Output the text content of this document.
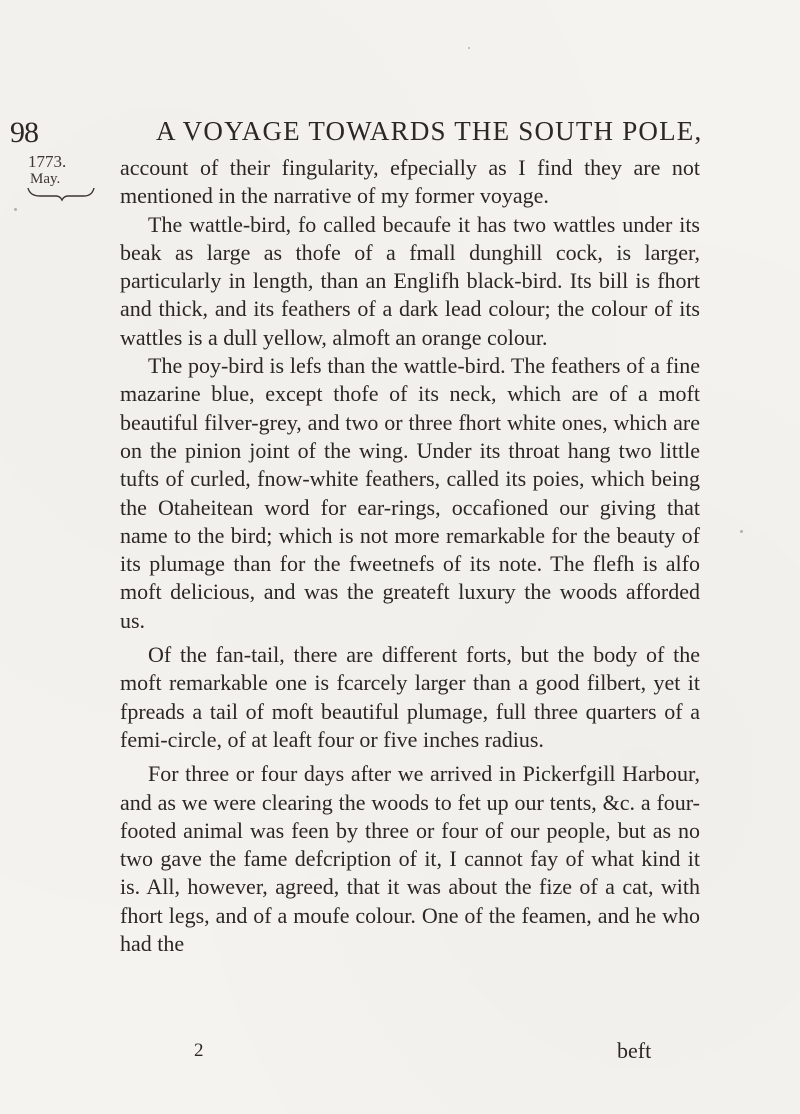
98	A VOYAGE TOWARDS THE SOUTH POLE,
1773.
May.	account of their fingularity, efpecially as I find they are not mentioned in the narrative of my former voyage.

The wattle-bird, fo called becaufe it has two wattles under its beak as large as thofe of a fmall dunghill cock, is larger, particularly in length, than an Englifh black-bird. Its bill is fhort and thick, and its feathers of a dark lead colour; the colour of its wattles is a dull yellow, almoft an orange colour.

The poy-bird is lefs than the wattle-bird. The feathers of a fine mazarine blue, except thofe of its neck, which are of a moft beautiful filver-grey, and two or three fhort white ones, which are on the pinion joint of the wing. Under its throat hang two little tufts of curled, fnow-white feathers, called its poies, which being the Otaheitean word for ear-rings, occafioned our giving that name to the bird; which is not more remarkable for the beauty of its plumage than for the fweetnefs of its note. The flefh is alfo moft delicious, and was the greateft luxury the woods afforded us.

Of the fan-tail, there are different forts, but the body of the moft remarkable one is fcarcely larger than a good filbert, yet it fpreads a tail of moft beautiful plumage, full three quarters of a femi-circle, of at leaft four or five inches radius.

For three or four days after we arrived in Pickerfgill Harbour, and as we were clearing the woods to fet up our tents, &c. a four-footed animal was feen by three or four of our people, but as no two gave the fame defcription of it, I cannot fay of what kind it is. All, however, agreed, that it was about the fize of a cat, with fhort legs, and of a moufe colour. One of the feamen, and he who had the

2	beft
